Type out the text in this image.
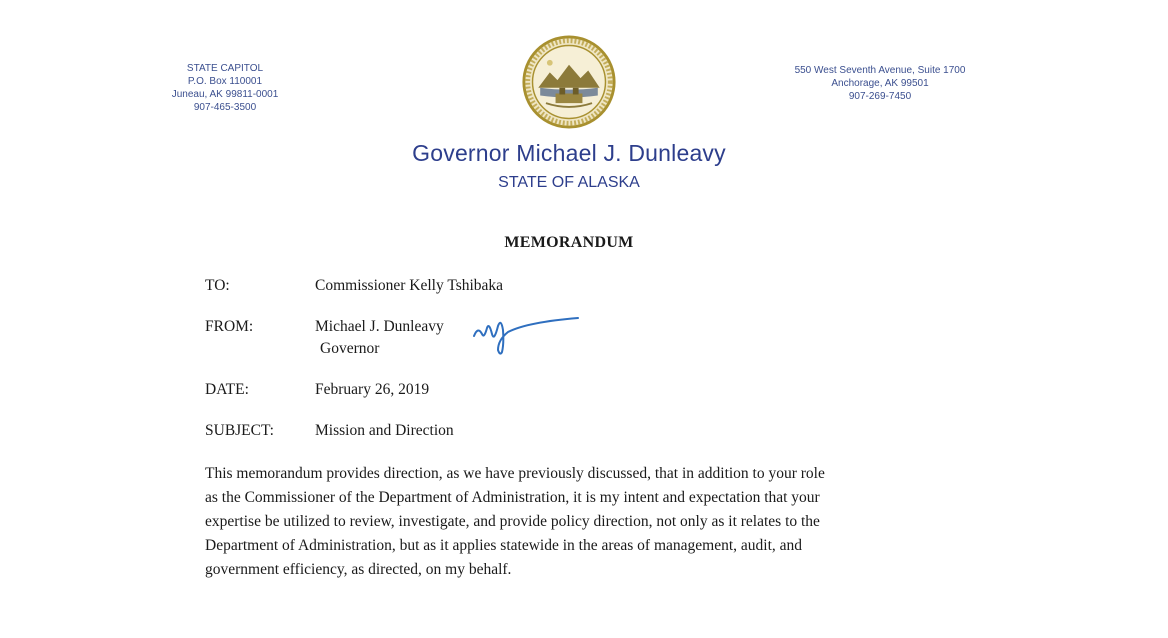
STATE CAPITOL
P.O. Box 110001
Juneau, AK 99811-0001
907-465-3500
550 West Seventh Avenue, Suite 1700
Anchorage, AK 99501
907-269-7450
Governor Michael J. Dunleavy
STATE OF ALASKA
MEMORANDUM
TO:	Commissioner Kelly Tshibaka
FROM:	Michael J. Dunleavy
Governor
DATE:	February 26, 2019
SUBJECT:	Mission and Direction
This memorandum provides direction, as we have previously discussed, that in addition to your role
as the Commissioner of the Department of Administration, it is my intent and expectation that your
expertise be utilized to review, investigate, and provide policy direction, not only as it relates to the
Department of Administration, but as it applies statewide in the areas of management, audit, and
government efficiency, as directed, on my behalf.
